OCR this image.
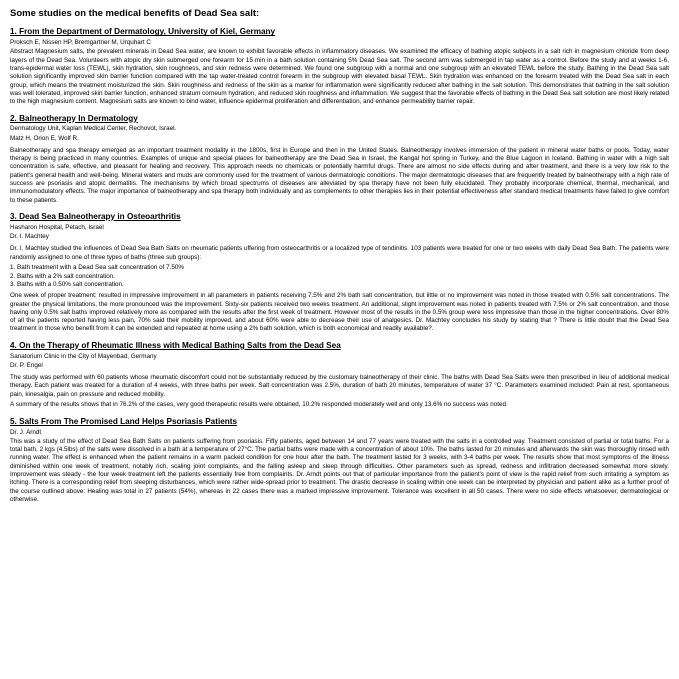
Some studies on the medical benefits of Dead Sea salt:
1. From the Department of Dermatology, University of Kiel, Germany
Proksch E, Nissen HP, Bremgartner M, Urquhart C
Abstract Magnesium salts, the prevalent minerals in Dead Sea water, are known to exhibit favorable effects in inflammatory diseases. We examined the efficacy of bathing atopic subjects in a salt rich in magnesium chloride from deep layers of the Dead Sea. Volunteers with atopic dry skin submerged one forearm for 15 min in a bath solution containing 5% Dead Sea salt. The second arm was submerged in tap water as a control. Before the study and at weeks 1-6, trans-epidermal water loss (TEWL), skin hydration, skin roughness, and skin redness were determined. We found one subgroup with a normal and one subgroup with an elevated TEWL before the study. Bathing in the Dead Sea salt solution significantly improved skin barrier function compared with the tap water-treated control forearm in the subgroup with elevated basal TEWL. Skin hydration was enhanced on the forearm treated with the Dead Sea salt in each group, which means the treatment moisturized the skin. Skin roughness and redness of the skin as a marker for inflammation were significantly reduced after bathing in the salt solution. This demonstrates that bathing in the salt solution was well tolerated, improved skin barrier function, enhanced stratum corneum hydration, and reduced skin roughness and inflammation. We suggest that the favorable effects of bathing in the Dead Sea salt solution are most likely related to the high magnesium content. Magnesium salts are known to bind water, influence epidermal proliferation and differentiation, and enhance permeability barrier repair.
2. Balneotherapy In Dermatology
Dermatology Unit, Kaplan Medical Center, Rechovot, Israel.
Matz H, Orion E, Wolf R.
Balneotherapy and spa therapy emerged as an important treatment modality in the 1800s, first in Europe and then in the United States. Balneotherapy involves immersion of the patient in mineral water baths or pools. Today, water therapy is being practiced in many countries. Examples of unique and special places for balneotherapy are the Dead Sea in Israel, the Kangal hot spring in Turkey, and the Blue Lagoon in Iceland. Bathing in water with a high salt concentration is safe, effective, and pleasant for healing and recovery. This approach needs no chemicals or potentially harmful drugs. There are almost no side effects during and after treatment, and there is a very low risk to the patient's general health and well-being. Mineral waters and muds are commonly used for the treatment of various dermatologic conditions. The major dermatologic diseases that are frequently treated by balneotherapy with a high rate of success are psoriasis and atopic dermatitis. The mechanisms by which broad spectrums of diseases are alleviated by spa therapy have not been fully elucidated. They probably incorporate chemical, thermal, mechanical, and immunomodulatory effects. The major importance of balneotherapy and spa therapy both individually and as complements to other therapies lies in their potential effectiveness after standard medical treatments have failed to give comfort to these patients.
3. Dead Sea Balneotherapy in Osteoarthritis
Hasharon Hospital, Petach, Israel
Dr. I. Machtey
Dr. I. Machtey studied the influences of Dead Sea Bath Salts on rheumatic patients uffering from osteocarthritis or a localized type of tendinitis. 103 patients were treated for one or two weeks with daily Dead Sea Bath. The patients were randomly assigned to one of three types of baths (three sub groups):
1. Bath treatment with a Dead Sea salt concentration of 7.50%
2. Baths with a 2% salt concentration.
3. Baths with a 0.50% salt concentration.
One week of proper treatment: resulted in impressive improvement in all parameters in patients receiving 7.5% and 2% bath salt concentration, but little or no improvement was noted in those treated with 0.5% salt concentrations. The greater the physical limitations, the more pronounced was the improvement. Sixty-six patients received two weeks treatment. An additional, slight improvement was noted in patients treated with 7.5% or 2% salt concentration, and those having only 0.5% salt baths improved relatively more as compared with the results after the first week of treatment. However most of the results in the 0.5% group were less impressive than those in the higher concentrations. Over 80% of all the patients reported having less pain, 70% said their mobility improved, and about 60% were able to decrease their use of analgesics. Dr. Machtey concludes his study by stating that ? There is little doubt that the Dead Sea treatment in those who benefit from it can be extended and repeated at home using a 2% bath solution, which is both economical and readily available?.
4. On the Therapy of Rheumatic Illness with Medical Bathing Salts from the Dead Sea
Sanatorium Clinic in the City of Mayenbad, Germany
Dr. P. Engel
The study was performed with 60 patients whose rheumatic discomfort could not be substantially reduced by the customary balneotherapy of their clinic. The baths with Dead Sea Salts were then prescribed in lieu of additional medical therapy. Each patient was treated for a duration of 4 weeks, with three baths per week. Salt concentration was 2.5%, duration of bath 20 minutes, temperature of water 37 °C. Parameters examined included: Pain at rest, spontaneous pain, kinesalgia, pain on pressure and reduced mobility.
A summary of the results shows that in 76.2% of the cases, very good therapeutic results were obtained, 10.2% responded moderately well and only 13.6% no success was noted.
5. Salts From The Promised Land Helps Psoriasis Patients
Dr. J. Arndt
This was a study of the effect of Dead Sea Bath Salts on patients suffering from psoriasis. Fifty patients, aged between 14 and 77 years were treated with the salts in a controlled way. Treatment consisted of partial or total baths. For a total bath, 2 kgs (4.5lbs) of the salts were dissolved in a bath at a temperature of 27°C. The partial baths were made with a concentration of about 10%. The baths lasted for 20 minutes and afterwards the skin was thoroughly rinsed with running water. The effect is enhanced when the patient remains in a warm packed condition for one hour after the bath. The treatment lasted for 3 weeks, with 3-4 baths per week. The results show that most symptoms of the illness diminished within one week of treatment, notably rich, scaling joint complaints, and the falling asleep and sleep through difficulties. Other parameters such as spread, redness and infiltration decreased somewhat more slowly. Improvement was steady - the four week treatment left the patients essentially free from complaints. Dr. Arndt points out that of particular importance from the patient's point of view is the rapid relief from such irritating a symptom as itching. There is a corresponding relief from sleeping disturbances, which were rather wide-spread prior to treatment. The drastic decrease in scaling within one week can be interpreted by physician and patient alike as a further proof of the course outlined above: Healing was total in 27 patients (54%), whereas in 22 cases there was a marked impressive improvement. Tolerance was excellent in all 50 cases. There were no side effects whatsoever, dermatological or otherwise.
